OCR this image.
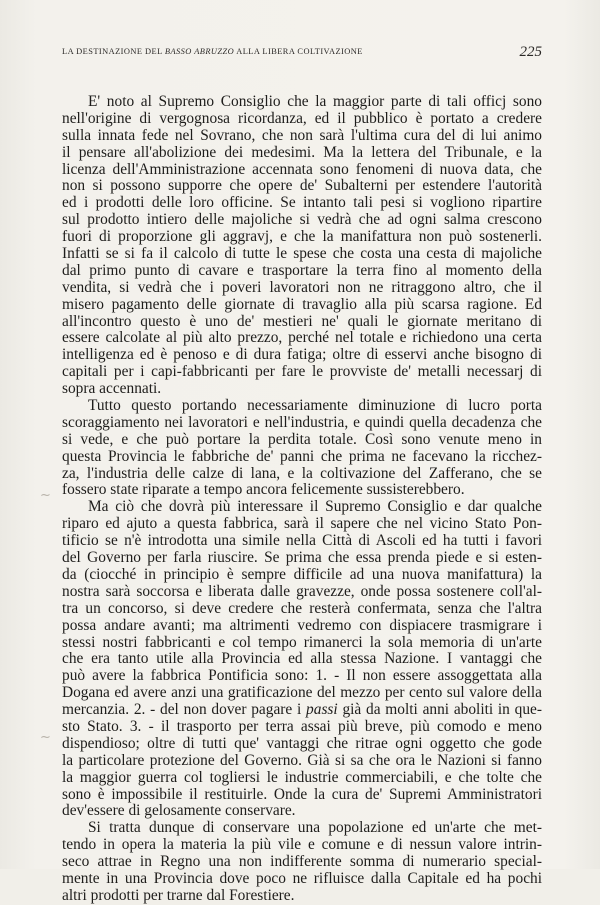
LA DESTINAZIONE DEL BASSO ABRUZZO ALLA LIBERA COLTIVAZIONE	225
E' noto al Supremo Consiglio che la maggior parte di tali officj sono
nell'origine di vergognosa ricordanza, ed il pubblico è portato a credere
sulla innata fede nel Sovrano, che non sarà l'ultima cura del di lui animo
il pensare all'abolizione dei medesimi. Ma la lettera del Tribunale, e la
licenza dell'Amministrazione accennata sono fenomeni di nuova data, che
non si possono supporre che opere de' Subalterni per estendere l'autorità
ed i prodotti delle loro officine. Se intanto tali pesi si vogliono ripartire
sul prodotto intiero delle majoliche si vedrà che ad ogni salma crescono
fuori di proporzione gli aggravj, e che la manifattura non può sostenerli.
Infatti se si fa il calcolo di tutte le spese che costa una cesta di majoliche
dal primo punto di cavare e trasportare la terra fino al momento della
vendita, si vedrà che i poveri lavoratori non ne ritraggono altro, che il
misero pagamento delle giornate di travaglio alla più scarsa ragione. Ed
all'incontro questo è uno de' mestieri ne' quali le giornate meritano di
essere calcolate al più alto prezzo, perché nel totale e richiedono una certa
intelligenza ed è penoso e di dura fatiga; oltre di esservi anche bisogno di
capitali per i capi-fabbricanti per fare le provviste de' metalli necessarj di
sopra accennati.
Tutto questo portando necessariamente diminuzione di lucro porta
scoraggiamento nei lavoratori e nell'industria, e quindi quella decadenza che
si vede, e che può portare la perdita totale. Così sono venute meno in
questa Provincia le fabbriche de' panni che prima ne facevano la ricchez-
za, l'industria delle calze di lana, e la coltivazione del Zafferano, che se
fossero state riparate a tempo ancora felicemente sussisterebbero.
Ma ciò che dovrà più interessare il Supremo Consiglio e dar qualche
riparo ed ajuto a questa fabbrica, sarà il sapere che nel vicino Stato Pon-
tificio se n'è introdotta una simile nella Città di Ascoli ed ha tutti i favori
del Governo per farla riuscire. Se prima che essa prenda piede e si esten-
da (ciocché in principio è sempre difficile ad una nuova manifattura) la
nostra sarà soccorsa e liberata dalle gravezze, onde possa sostenere coll'al-
tra un concorso, si deve credere che resterà confermata, senza che l'altra
possa andare avanti; ma altrimenti vedremo con dispiacere trasmigrare i
stessi nostri fabbricanti e col tempo rimanerci la sola memoria di un'arte
che era tanto utile alla Provincia ed alla stessa Nazione. I vantaggi che
può avere la fabbrica Pontificia sono: 1. - Il non essere assoggettata alla
Dogana ed avere anzi una gratificazione del mezzo per cento sul valore della
mercanzia. 2. - del non dover pagare i passi già da molti anni aboliti in que-
sto Stato. 3. - il trasporto per terra assai più breve, più comodo e meno
dispendioso; oltre di tutti que' vantaggi che ritrae ogni oggetto che gode
la particolare protezione del Governo. Già si sa che ora le Nazioni si fanno
la maggior guerra col togliersi le industrie commerciabili, e che tolte che
sono è impossibile il restituirle. Onde la cura de' Supremi Amministratori
dev'essere di gelosamente conservare.
Si tratta dunque di conservare una popolazione ed un'arte che met-
tendo in opera la materia la più vile e comune e di nessun valore intrin-
seco attrae in Regno una non indifferente somma di numerario special-
mente in una Provincia dove poco ne rifluisce dalla Capitale ed ha pochi
altri prodotti per trarne dal Forestiere.
~
~
